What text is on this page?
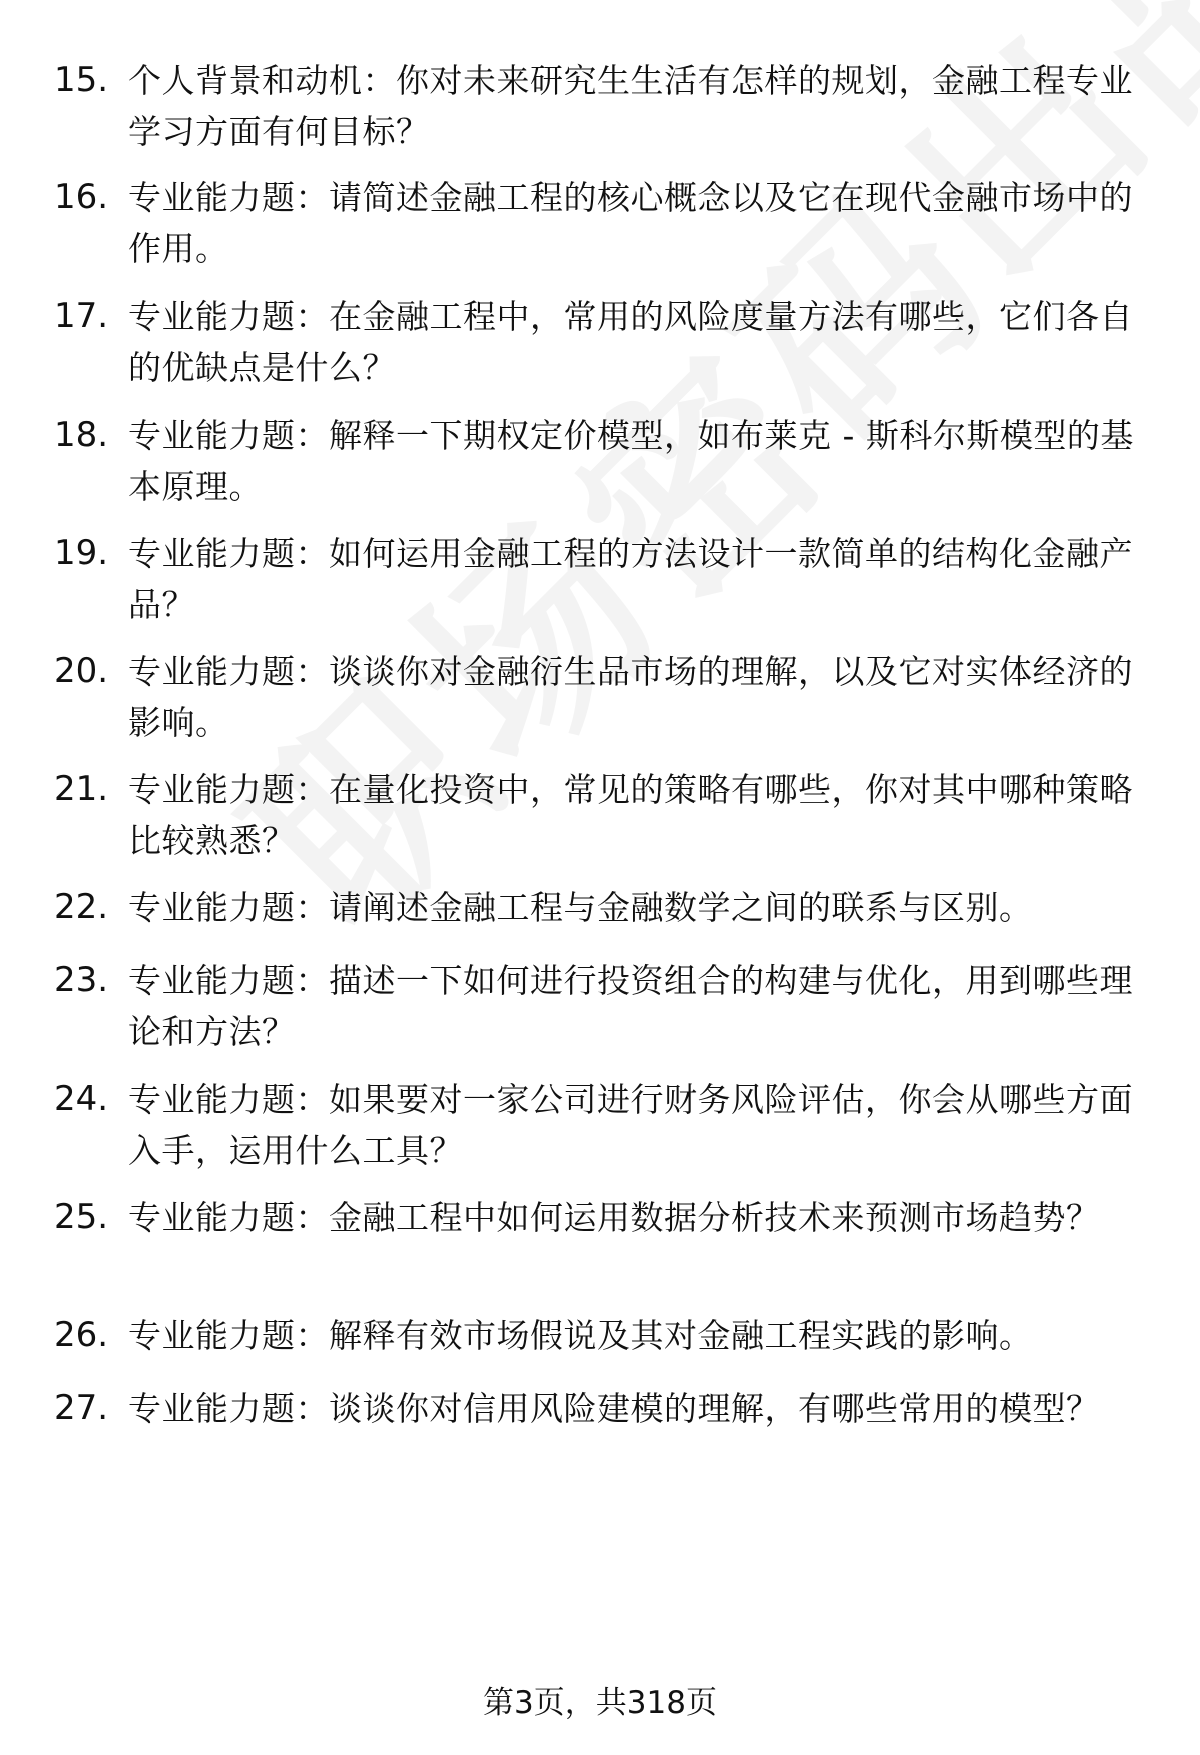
15. 个人背景和动机：你对未来研究生生活有怎样的规划，金融工程专业学习方面有何目标？
16. 专业能力题：请简述金融工程的核心概念以及它在现代金融市场中的作用。
17. 专业能力题：在金融工程中，常用的风险度量方法有哪些，它们各自的优缺点是什么？
18. 专业能力题：解释一下期权定价模型，如布莱克 - 斯科尔斯模型的基本原理。
19. 专业能力题：如何运用金融工程的方法设计一款简单的结构化金融产品？
20. 专业能力题：谈谈你对金融衍生品市场的理解，以及它对实体经济的影响。
21. 专业能力题：在量化投资中，常见的策略有哪些，你对其中哪种策略比较熟悉？
22. 专业能力题：请阐述金融工程与金融数学之间的联系与区别。
23. 专业能力题：描述一下如何进行投资组合的构建与优化，用到哪些理论和方法？
24. 专业能力题：如果要对一家公司进行财务风险评估，你会从哪些方面入手，运用什么工具？
25. 专业能力题：金融工程中如何运用数据分析技术来预测市场趋势？
26. 专业能力题：解释有效市场假说及其对金融工程实践的影响。
27. 专业能力题：谈谈你对信用风险建模的理解，有哪些常用的模型？
第3页，共318页
